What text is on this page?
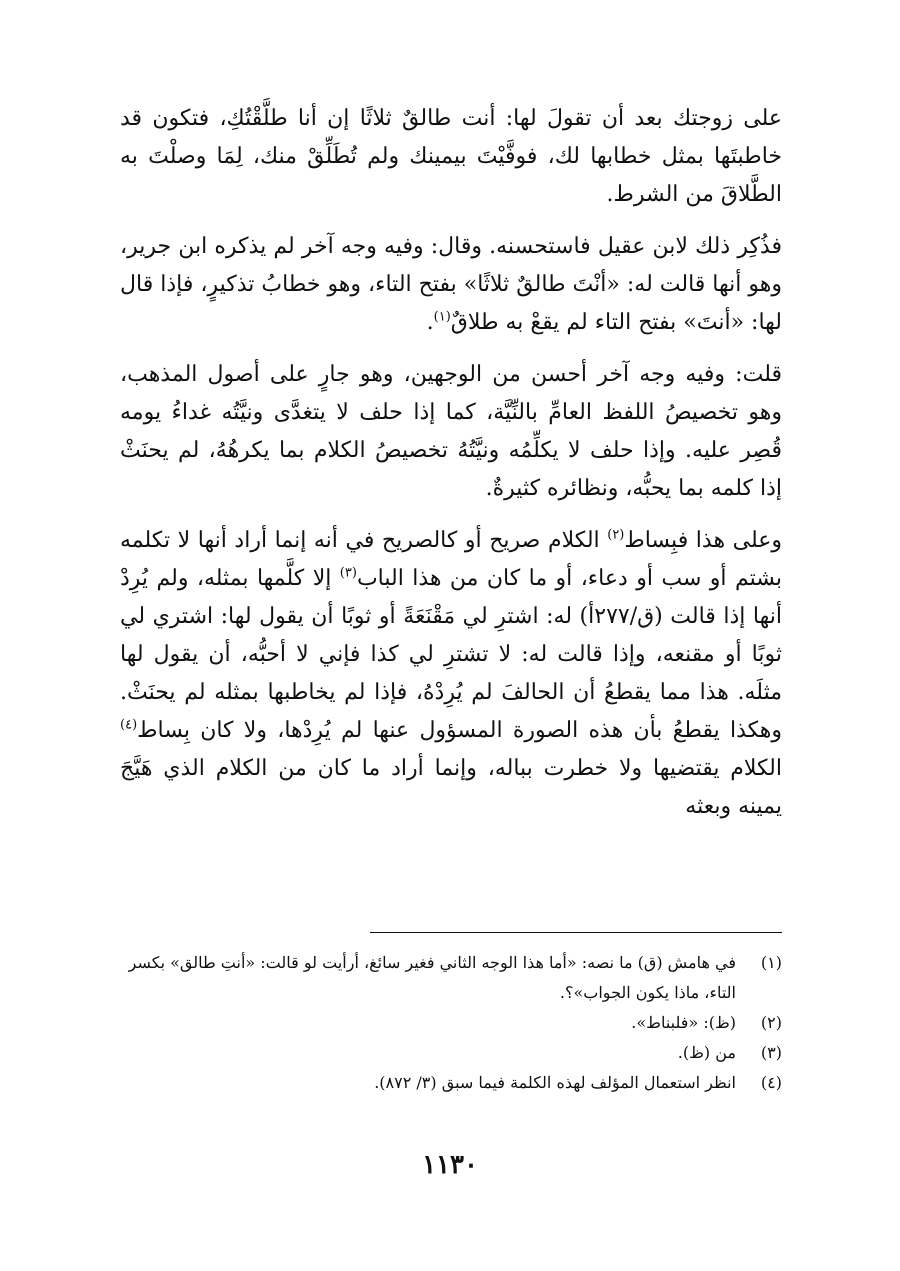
على زوجتك بعد أن تقولَ لها: أنت طالقٌ ثلاثًا إن أنا طلَّقْتُكِ، فتكون قد خاطبتَها بمثل خطابها لك، فوفَّيْتَ بيمينك ولم تُطَلِّقْ منك، لِمَا وصلْتَ به الطَّلاقَ من الشرط.

فذُكِر ذلك لابن عقيل فاستحسنه. وقال: وفيه وجه آخر لم يذكره ابن جرير، وهو أنها قالت له: «أنْتَ طالقٌ ثلاثًا» بفتح التاء، وهو خطابُ تذكيرٍ، فإذا قال لها: «أنتَ» بفتح التاء لم يقعْ به طلاقٌ$^{(١)}$.

قلت: وفيه وجه آخر أحسن من الوجهين، وهو جارٍ على أصول المذهب، وهو تخصيصُ اللفظ العامِّ بالنِّيَّة، كما إذا حلف لا يتغدَّى ونيَّتُه غداءُ يومه قُصِر عليه. وإذا حلف لا يكلِّمُه ونيَّتُهُ تخصيصُ الكلام بما يكرهُهُ، لم يحنَثْ إذا كلمه بما يحبُّه، ونظائره كثيرةٌ.

وعلى هذا فبِساط$^{(٢)}$ الكلام صريح أو كالصريح في أنه إنما أراد أنها لا تكلمه بشتم أو سب أو دعاء، أو ما كان من هذا الباب$^{(٣)}$ إلا كلَّمها بمثله، ولم يُرِدْ أنها إذا قالت (ق/٢٧٧أ) له: اشترِ لي مَقْنَعَةً أو ثوبًا أن يقول لها: اشتري لي ثوبًا أو مقنعه، وإذا قالت له: لا تشترِ لي كذا فإني لا أحبُّه، أن يقول لها مثلَه. هذا مما يقطعُ أن الحالفَ لم يُرِدْهُ، فإذا لم يخاطبها بمثله لم يحنَثْ. وهكذا يقطعُ بأن هذه الصورة المسؤول عنها لم يُرِدْها، ولا كان بِساط$^{(٤)}$ الكلام يقتضيها ولا خطرت بباله، وإنما أراد ما كان من الكلام الذي هَيَّجَ يمينه وبعثه

(١)
في هامش (ق) ما نصه: «أما هذا الوجه الثاني فغير سائغ، أرأيت لو قالت: «أنتِ طالق» بكسر التاء، ماذا يكون الجواب»؟.
(٢)
(ظ): «فلبناط».
(٣)
من (ظ).
(٤)
انظر استعمال المؤلف لهذه الكلمة فيما سبق (٣/ ٨٧٢).
١١٣٠
